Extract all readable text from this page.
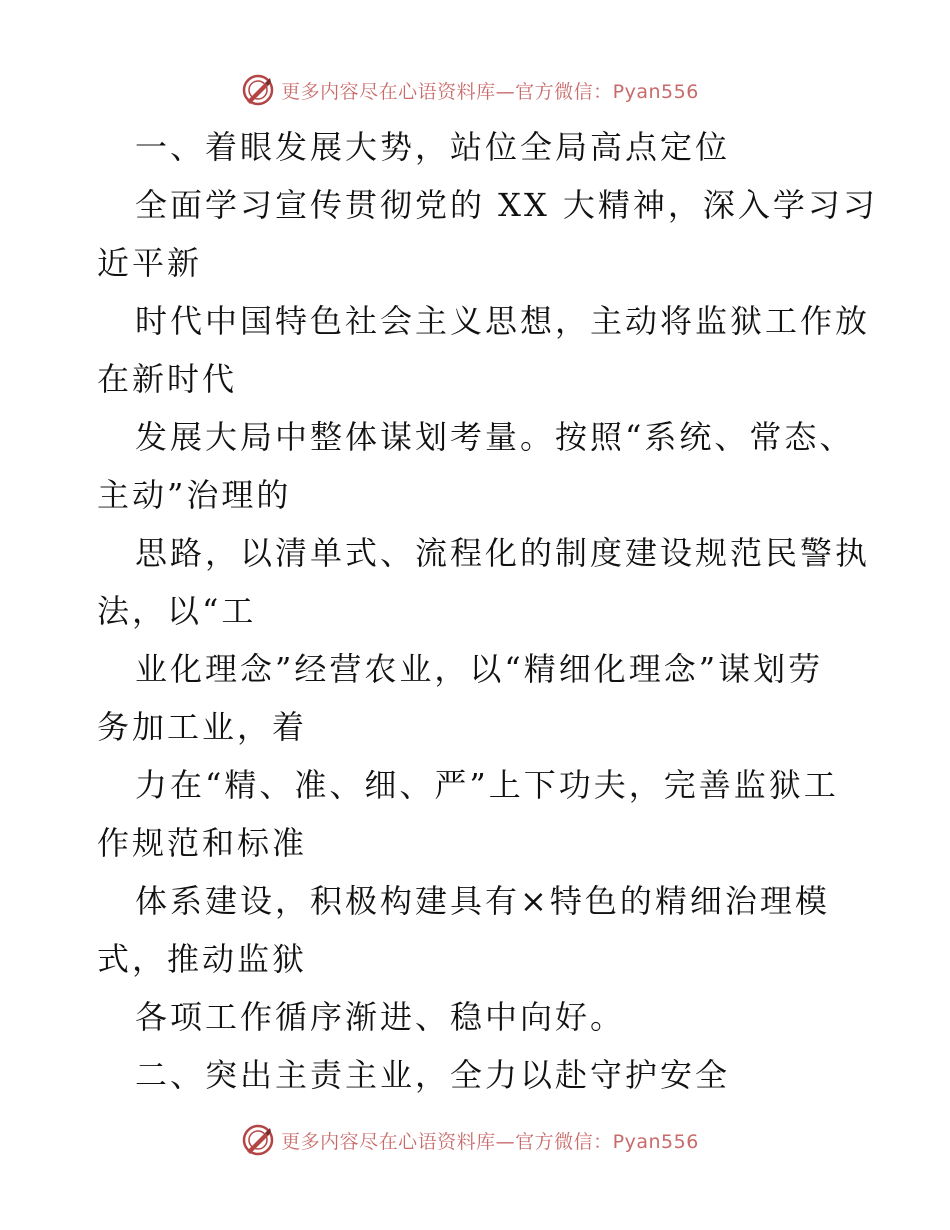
更多内容尽在心语资料库—官方微信：Pyan556
一、着眼发展大势，站位全局高点定位
全面学习宣传贯彻党的 XX 大精神，深入学习习
近平新
时代中国特色社会主义思想，主动将监狱工作放
在新时代
发展大局中整体谋划考量。按照“系统、常态、
主动”治理的
思路，以清单式、流程化的制度建设规范民警执
法，以“工
业化理念”经营农业，以“精细化理念”谋划劳
务加工业，着
力在“精、准、细、严”上下功夫，完善监狱工
作规范和标准
体系建设，积极构建具有×特色的精细治理模
式，推动监狱
各项工作循序渐进、稳中向好。
二、突出主责主业，全力以赴守护安全
更多内容尽在心语资料库—官方微信：Pyan556
